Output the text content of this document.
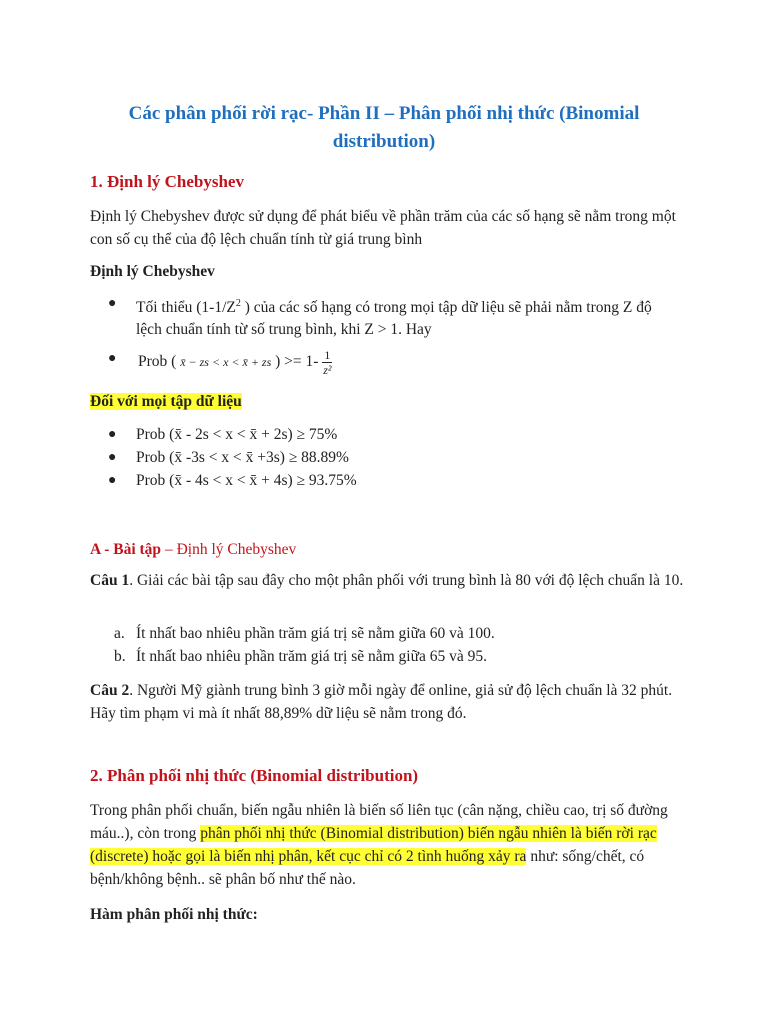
Các phân phối rời rạc- Phần II – Phân phối nhị thức (Binomial distribution)
1. Định lý Chebyshev
Định lý Chebyshev được sử dụng để phát biểu về phần trăm của các số hạng sẽ nằm trong một con số cụ thể của độ lệch chuẩn tính từ giá trung bình
Định lý Chebyshev
● Tối thiểu ($1-1/Z^2$ ) của các số hạng có trong mọi tập dữ liệu sẽ phải nằm trong Z độ lệch chuẩn tính từ số trung bình, khi Z > 1. Hay
● Prob ( x̄ − zs < x < x̄ + zs ) >= $1- \frac{1}{\text{z²}}$
Đối với mọi tập dữ liệu
● Prob (x̄ - 2s < x < x̄ + 2s) ≥ 75%
● Prob (x̄ -3s < x < x̄ +3s) ≥ 88.89%
● Prob (x̄ - 4s < x < x̄ + 4s) ≥ 93.75%
A - Bài tập – Định lý Chebyshev
Câu 1. Giải các bài tập sau đây cho một phân phối với trung bình là 80 với độ lệch chuẩn là 10.
a. Ít nhất bao nhiêu phần trăm giá trị sẽ nằm giữa 60 và 100.
b. Ít nhất bao nhiêu phần trăm giá trị sẽ nằm giữa 65 và 95.
Câu 2. Người Mỹ giành trung bình 3 giờ mỗi ngày để online, giả sử độ lệch chuẩn là 32 phút. Hãy tìm phạm vi mà ít nhất 88,89% dữ liệu sẽ nằm trong đó.
2. Phân phối nhị thức (Binomial distribution)
Trong phân phối chuẩn, biến ngẫu nhiên là biến số liên tục (cân nặng, chiều cao, trị số đường máu..), còn trong phân phối nhị thức (Binomial distribution) biến ngẫu nhiên là biến rời rạc (discrete) hoặc gọi là biến nhị phân, kết cục chỉ có 2 tình huống xảy ra như: sống/chết, có bệnh/không bệnh.. sẽ phân bố như thế nào.
Hàm phân phối nhị thức:
